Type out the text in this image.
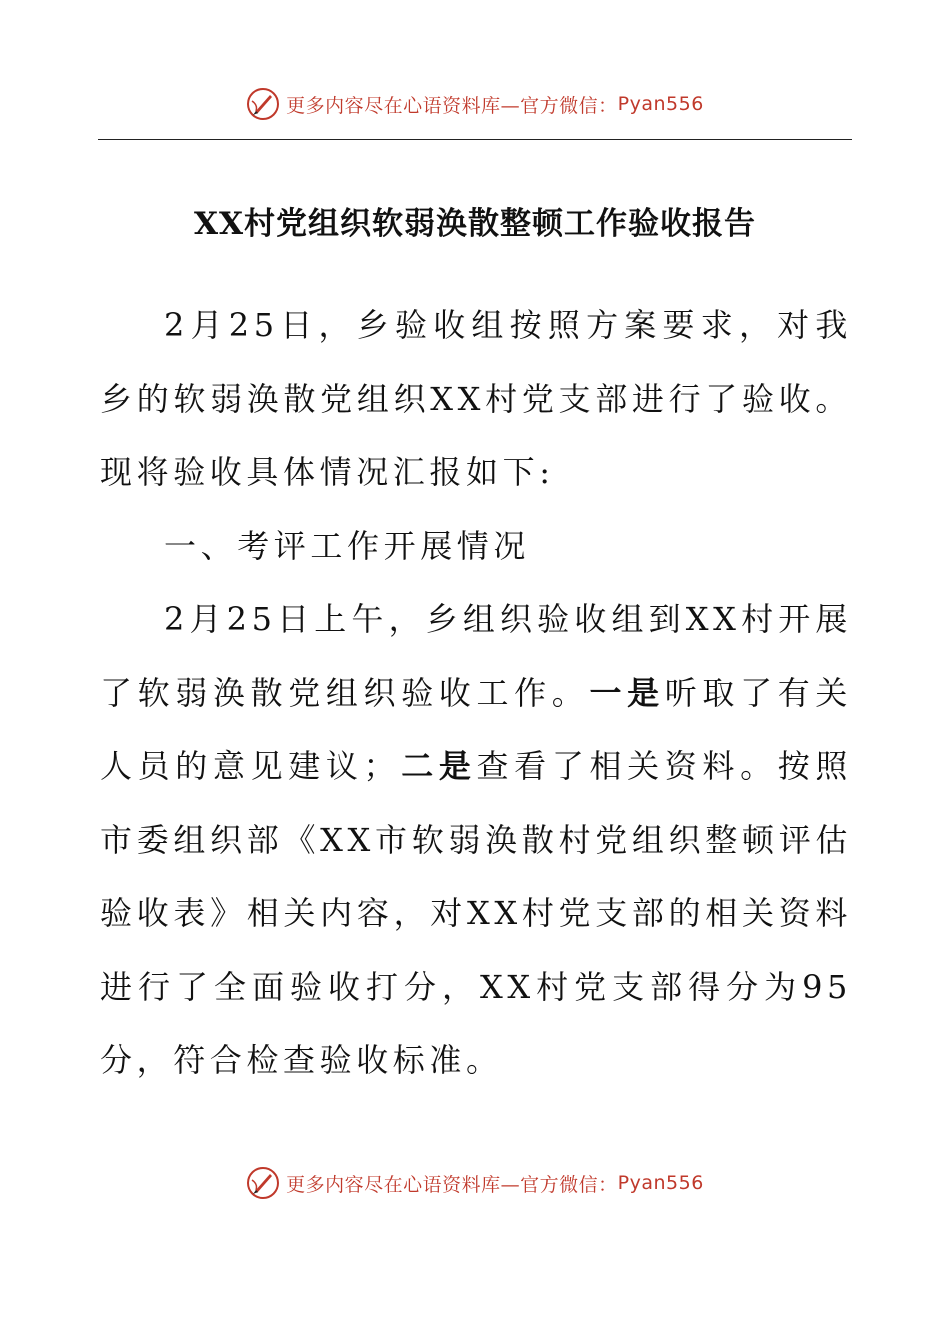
更多内容尽在心语资料库—官方微信： Pyan556
XX村党组织软弱涣散整顿工作验收报告

2月25日，乡验收组按照方案要求，对我乡的软弱涣散党组织XX村党支部进行了验收。现将验收具体情况汇报如下:

一、考评工作开展情况

2月25日上午，乡组织验收组到XX村开展了软弱涣散党组织验收工作。一是听取了有关人员的意见建议；二是查看了相关资料。按照市委组织部《XX市软弱涣散村党组织整顿评估验收表》相关内容，对XX村党支部的相关资料进行了全面验收打分，XX村党支部得分为95分，符合检查验收标准。

更多内容尽在心语资料库—官方微信： Pyan556
